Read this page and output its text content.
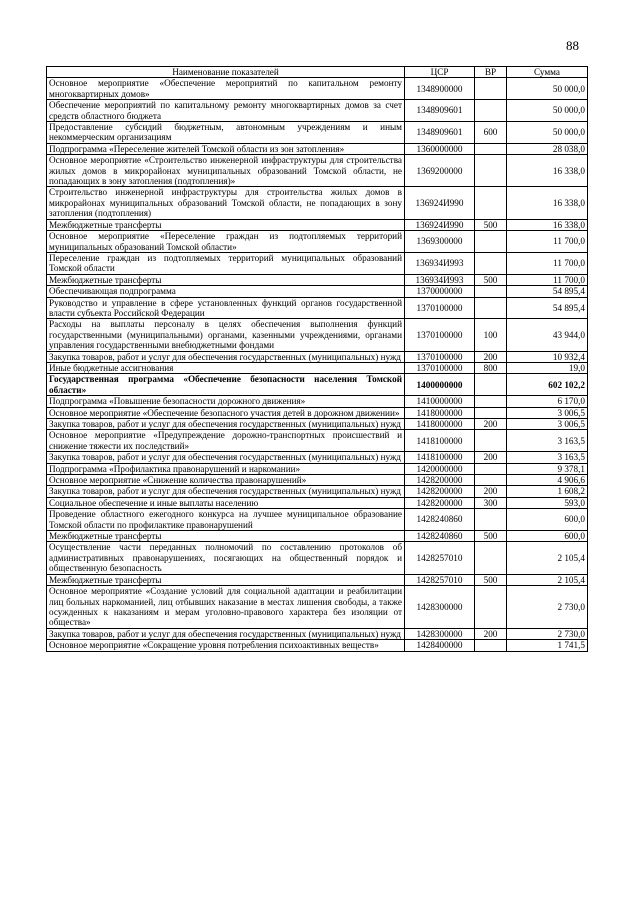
88
Наименование показателей	ЦСР	ВР	Сумма
Основное мероприятие «Обеспечение мероприятий по капитальном ремонту многоквартирных домов»	1348900000		50 000,0
Обеспечение мероприятий по капитальному ремонту многоквартирных домов за счет средств областного бюджета	1348909601		50 000,0
Предоставление субсидий бюджетным, автономным учреждениям и иным некоммерческим организациям	1348909601	600	50 000,0
Подпрограмма «Переселение жителей Томской области из зон затопления»	1360000000		28 038,0
Основное мероприятие «Строительство инженерной инфраструктуры для строительства жилых домов в микрорайонах муниципальных образований Томской области, не попадающих в зону затопления (подтопления)»	1369200000		16 338,0
Строительство инженерной инфраструктуры для строительства жилых домов в микрорайонах муниципальных образований Томской области, не попадающих в зону затопления (подтопления)	136924И990		16 338,0
Межбюджетные трансферты	136924И990	500	16 338,0
Основное мероприятие «Переселение граждан из подтопляемых территорий муниципальных образований Томской области»	1369300000		11 700,0
Переселение граждан из подтопляемых территорий муниципальных образований Томской области	136934И993		11 700,0
Межбюджетные трансферты	136934И993	500	11 700,0
Обеспечивающая подпрограмма	1370000000		54 895,4
Руководство и управление в сфере установленных функций органов государственной власти субъекта Российской Федерации	1370100000		54 895,4
Расходы на выплаты персоналу в целях обеспечения выполнения функций государственными (муниципальными) органами, казенными учреждениями, органами управления государственными внебюджетными фондами	1370100000	100	43 944,0
Закупка товаров, работ и услуг для обеспечения государственных (муниципальных) нужд	1370100000	200	10 932,4
Иные бюджетные ассигнования	1370100000	800	19,0
Государственная программа «Обеспечение безопасности населения Томской области»	1400000000		602 102,2
Подпрограмма «Повышение безопасности дорожного движения»	1410000000		6 170,0
Основное мероприятие «Обеспечение безопасного участия детей в дорожном движении»	1418000000		3 006,5
Закупка товаров, работ и услуг для обеспечения государственных (муниципальных) нужд	1418000000	200	3 006,5
Основное мероприятие «Предупреждение дорожно-транспортных происшествий и снижение тяжести их последствий»	1418100000		3 163,5
Закупка товаров, работ и услуг для обеспечения государственных (муниципальных) нужд	1418100000	200	3 163,5
Подпрограмма «Профилактика правонарушений и наркомании»	1420000000		9 378,1
Основное мероприятие «Снижение количества правонарушений»	1428200000		4 906,6
Закупка товаров, работ и услуг для обеспечения государственных (муниципальных) нужд	1428200000	200	1 608,2
Социальное обеспечение и иные выплаты населению	1428200000	300	593,0
Проведение областного ежегодного конкурса на лучшее муниципальное образование Томской области по профилактике правонарушений	1428240860		600,0
Межбюджетные трансферты	1428240860	500	600,0
Осуществление части переданных полномочий по составлению протоколов об административных правонарушениях, посягающих на общественный порядок и общественную безопасность	1428257010		2 105,4
Межбюджетные трансферты	1428257010	500	2 105,4
Основное мероприятие «Создание условий для социальной адаптации и реабилитации лиц больных наркоманией, лиц отбывших наказание в местах лишения свободы, а также осужденных к наказаниям и мерам уголовно-правового характера без изоляции от общества»	1428300000		2 730,0
Закупка товаров, работ и услуг для обеспечения государственных (муниципальных) нужд	1428300000	200	2 730,0
Основное мероприятие «Сокращение уровня потребления психоактивных веществ»	1428400000		1 741,5
